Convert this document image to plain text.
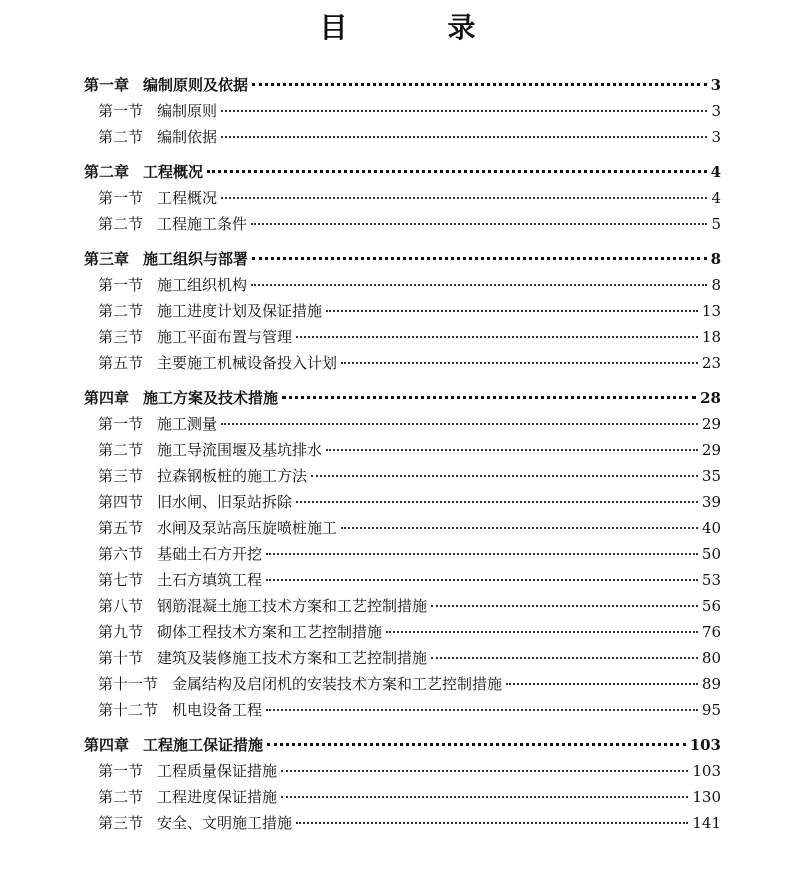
目　录
第一章 编制原则及依据	3
第一节 编制原则	3
第二节 编制依据	3
第二章 工程概况	4
第一节 工程概况	4
第二节 工程施工条件	5
第三章 施工组织与部署	8
第一节 施工组织机构	8
第二节 施工进度计划及保证措施	13
第三节 施工平面布置与管理	18
第五节 主要施工机械设备投入计划	23
第四章 施工方案及技术措施	28
第一节 施工测量	29
第二节 施工导流围堰及基坑排水	29
第三节 拉森钢板桩的施工方法	35
第四节 旧水闸、旧泵站拆除	39
第五节 水闸及泵站高压旋喷桩施工	40
第六节 基础土石方开挖	50
第七节 土石方填筑工程	53
第八节 钢筋混凝土施工技术方案和工艺控制措施	56
第九节 砌体工程技术方案和工艺控制措施	76
第十节 建筑及装修施工技术方案和工艺控制措施	80
第十一节 金属结构及启闭机的安装技术方案和工艺控制措施	89
第十二节 机电设备工程	95
第四章 工程施工保证措施	103
第一节 工程质量保证措施	103
第二节 工程进度保证措施	130
第三节 安全、文明施工措施	141
